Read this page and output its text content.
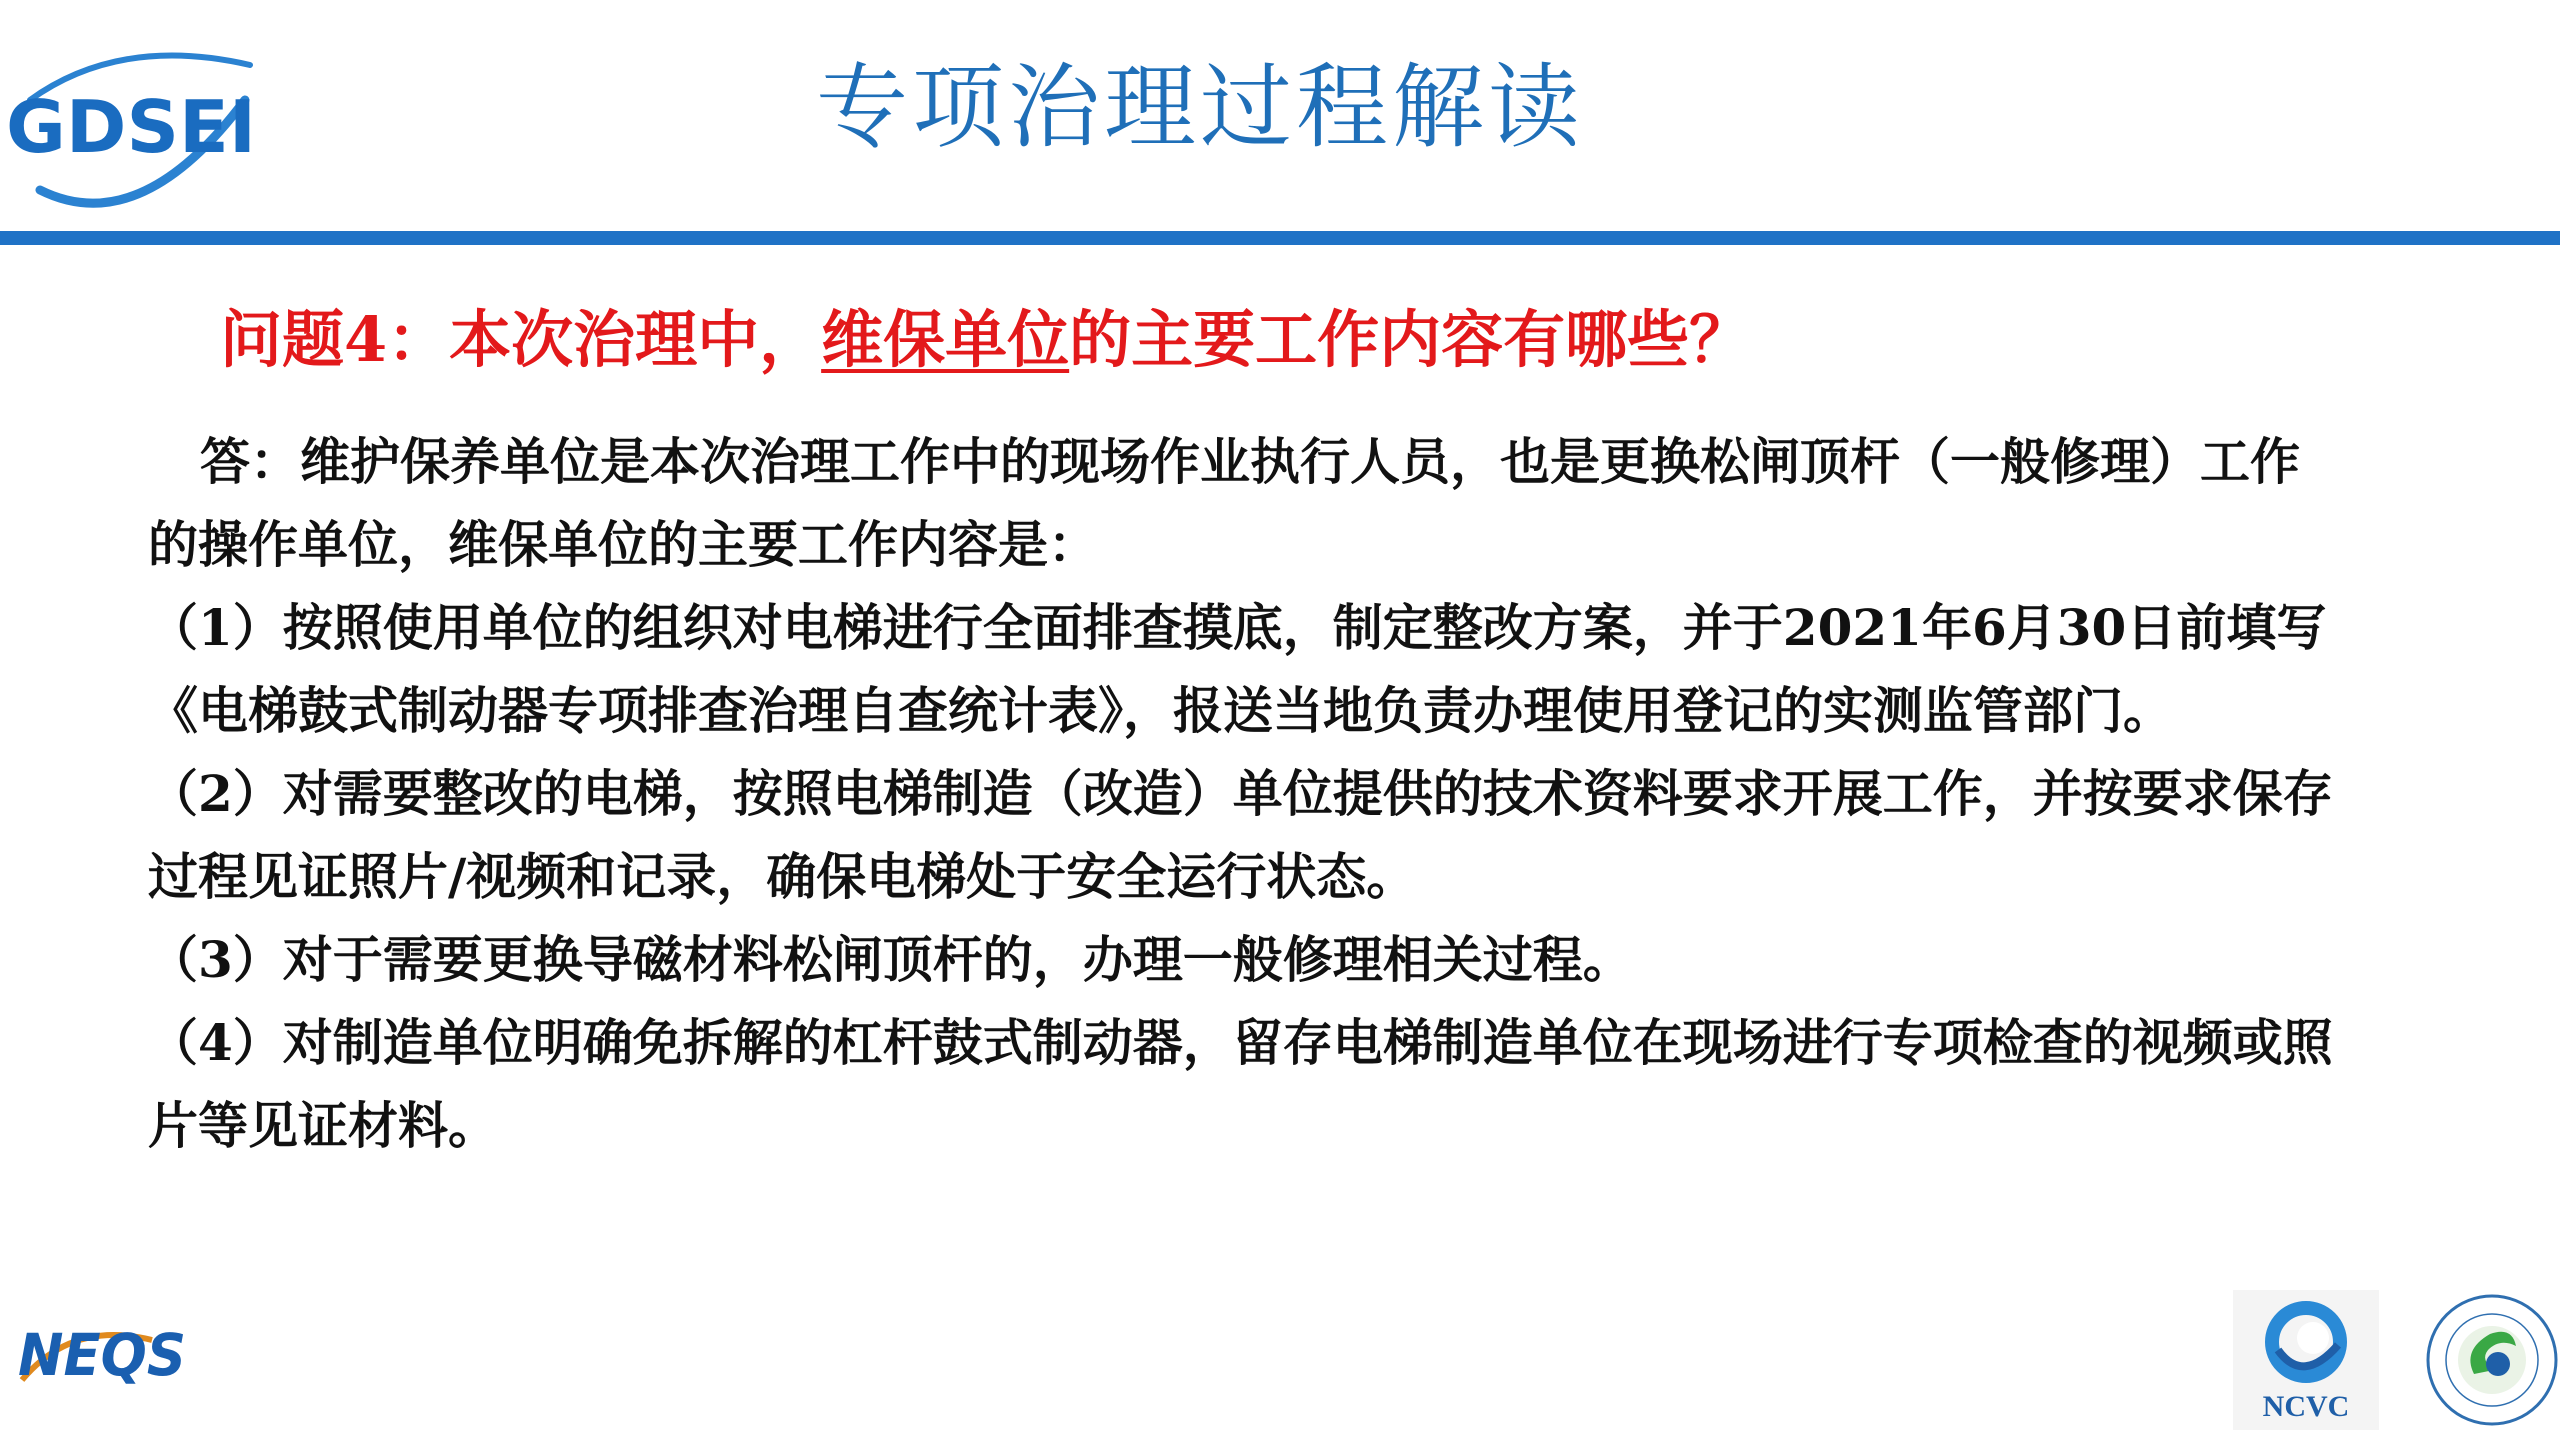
GDSEI	专项治理过程解读
问题4：本次治理中，维保单位的主要工作内容有哪些？

答：维护保养单位是本次治理工作中的现场作业执行人员，也是更换松闸顶杆（一般修理）工作的操作单位，维保单位的主要工作内容是：

（1）按照使用单位的组织对电梯进行全面排查摸底，制定整改方案，并于2021年6月30日前填写《电梯鼓式制动器专项排查治理自查统计表》，报送当地负责办理使用登记的实测监管部门。

（2）对需要整改的电梯，按照电梯制造（改造）单位提供的技术资料要求开展工作，并按要求保存过程见证照片/视频和记录，确保电梯处于安全运行状态。

（3）对于需要更换导磁材料松闸顶杆的，办理一般修理相关过程。

（4）对制造单位明确免拆解的杠杆鼓式制动器，留存电梯制造单位在现场进行专项检查的视频或照片等见证材料。

NEQS
NCVC
